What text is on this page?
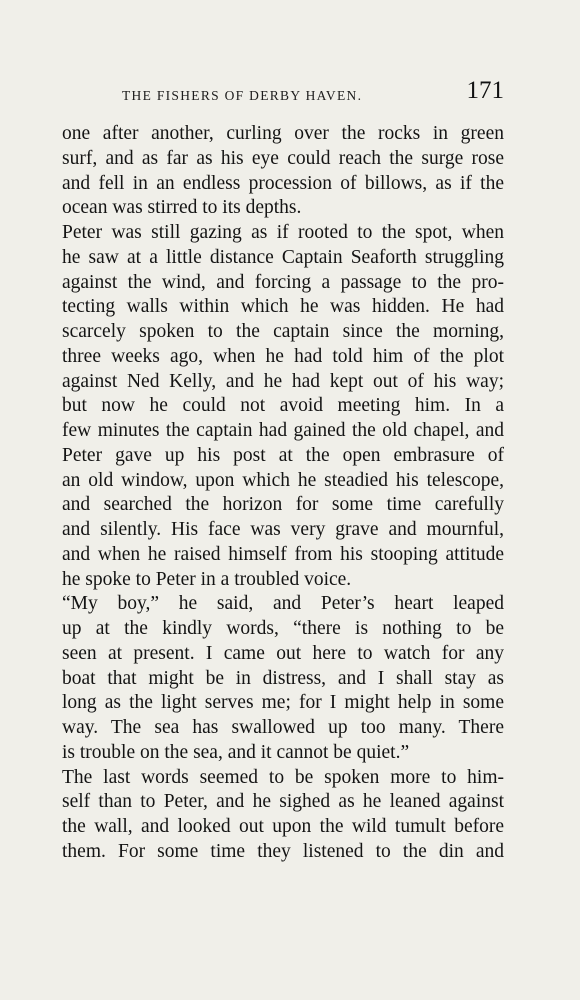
THE FISHERS OF DERBY HAVEN.	171

one after another, curling over the rocks in green
surf, and as far as his eye could reach the surge rose
and fell in an endless procession of billows, as if the
ocean was stirred to its depths.

Peter was still gazing as if rooted to the spot, when
he saw at a little distance Captain Seaforth struggling
against the wind, and forcing a passage to the pro-
tecting walls within which he was hidden. He had
scarcely spoken to the captain since the morning,
three weeks ago, when he had told him of the plot
against Ned Kelly, and he had kept out of his way;
but now he could not avoid meeting him. In a
few minutes the captain had gained the old chapel, and
Peter gave up his post at the open embrasure of
an old window, upon which he steadied his telescope,
and searched the horizon for some time carefully
and silently. His face was very grave and mournful,
and when he raised himself from his stooping attitude
he spoke to Peter in a troubled voice.

“My boy,” he said, and Peter’s heart leaped
up at the kindly words, “there is nothing to be
seen at present. I came out here to watch for any
boat that might be in distress, and I shall stay as
long as the light serves me; for I might help in some
way. The sea has swallowed up too many. There
is trouble on the sea, and it cannot be quiet.”

The last words seemed to be spoken more to him-
self than to Peter, and he sighed as he leaned against
the wall, and looked out upon the wild tumult before
them. For some time they listened to the din and
